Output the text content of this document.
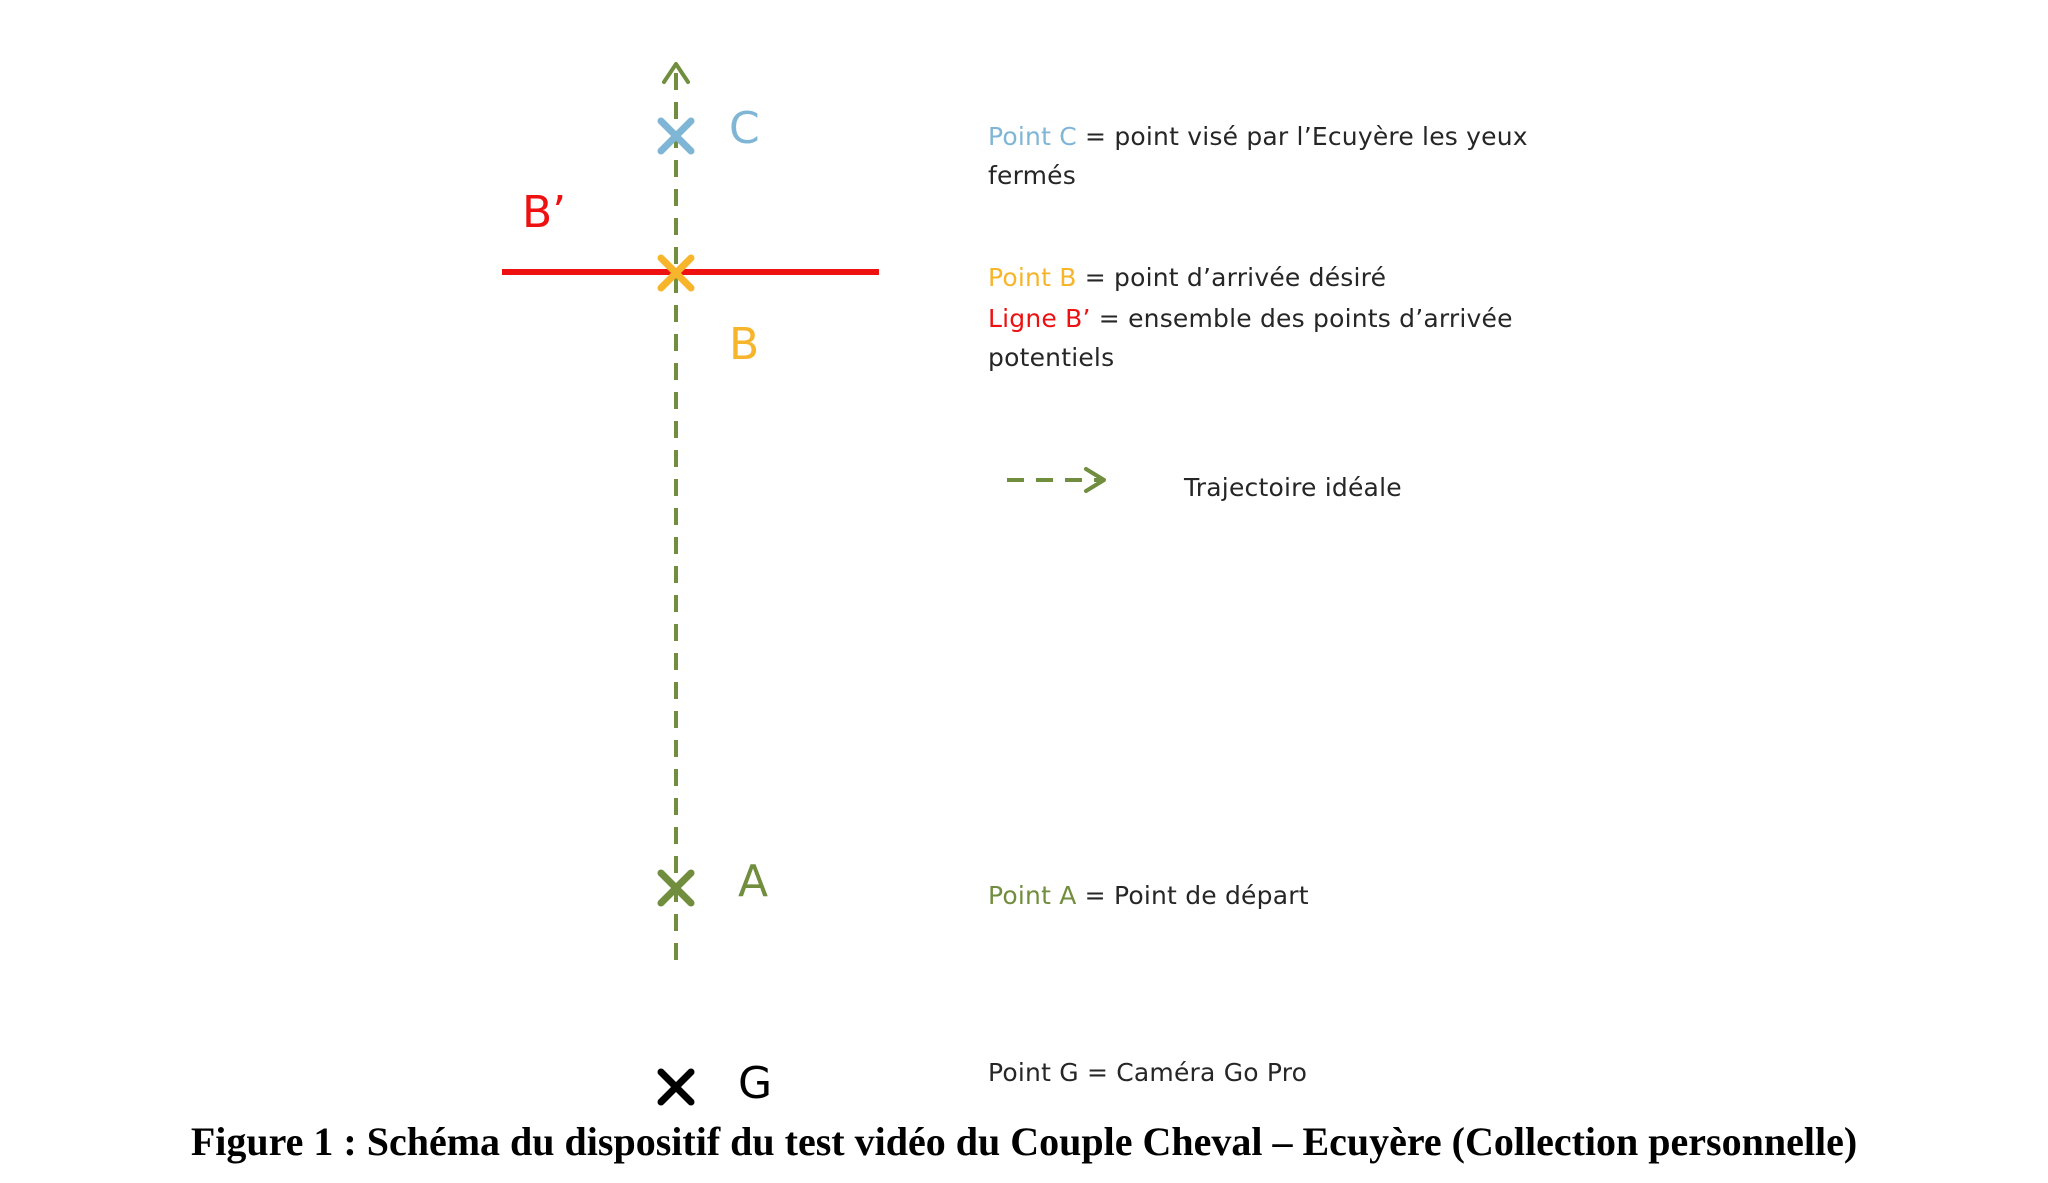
C
B’
B
A
G
Point C = point visé par l’Ecuyère les yeux
fermés
Point B = point d’arrivée désiré
Ligne B’ = ensemble des points d’arrivée
potentiels
Trajectoire idéale
Point A = Point de départ
Point G = Caméra Go Pro
Figure 1 : Schéma du dispositif du test vidéo du Couple Cheval – Ecuyère (Collection personnelle)
